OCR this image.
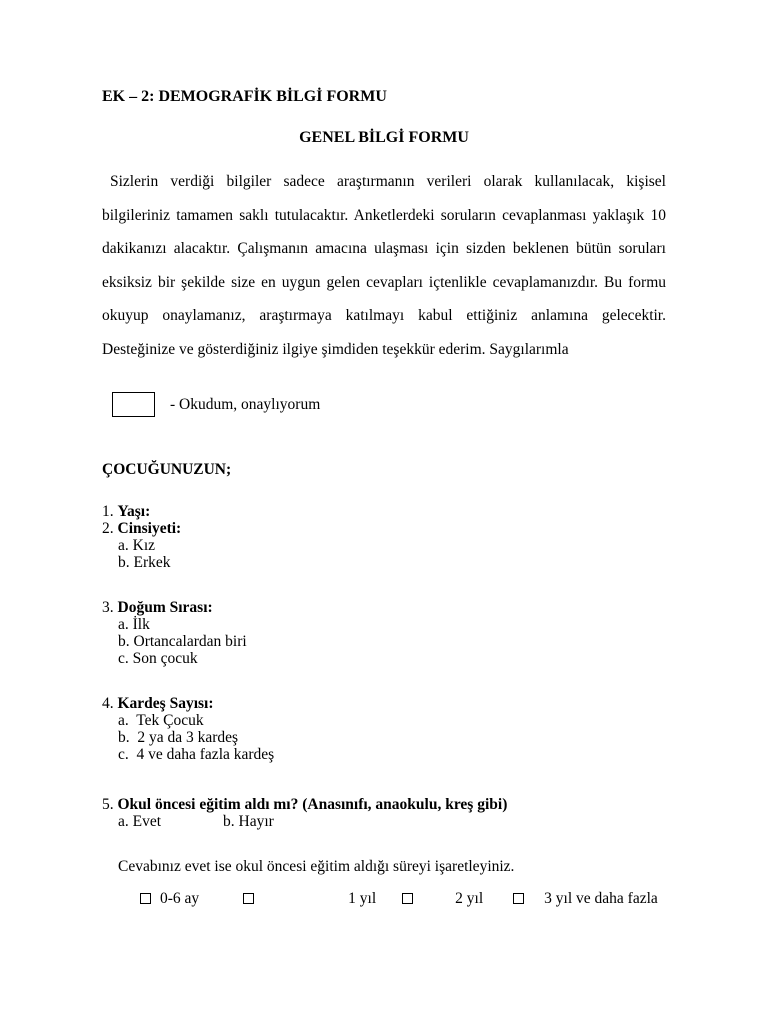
EK – 2: DEMOGRAFİK BİLGİ FORMU
GENEL BİLGİ FORMU

Sizlerin verdiği bilgiler sadece araştırmanın verileri olarak kullanılacak, kişisel bilgileriniz tamamen saklı tutulacaktır. Anketlerdeki soruların cevaplanması yaklaşık 10 dakikanızı alacaktır. Çalışmanın amacına ulaşması için sizden beklenen bütün soruları eksiksiz bir şekilde size en uygun gelen cevapları içtenlikle cevaplamanızdır. Bu formu okuyup onaylamanız, araştırmaya katılmayı kabul ettiğiniz anlamına gelecektir. Desteğinize ve gösterdiğiniz ilgiye şimdiden teşekkür ederim. Saygılarımla

- Okudum, onaylıyorum
ÇOCUĞUNUZUN;
1. Yaşı:
2. Cinsiyeti:
a. Kız
b. Erkek
3. Doğum Sırası:
a. İlk
b. Ortancalardan biri
c. Son çocuk
4. Kardeş Sayısı:
a.  Tek Çocuk
b.  2 ya da 3 kardeş
c.  4 ve daha fazla kardeş
5. Okul öncesi eğitim aldı mı? (Anasınıfı, anaokulu, kreş gibi)
a. Evet	b. Hayır
Cevabınız evet ise okul öncesi eğitim aldığı süreyi işaretleyiniz.
0-6 ay	1 yıl	2 yıl	3 yıl ve daha fazla
